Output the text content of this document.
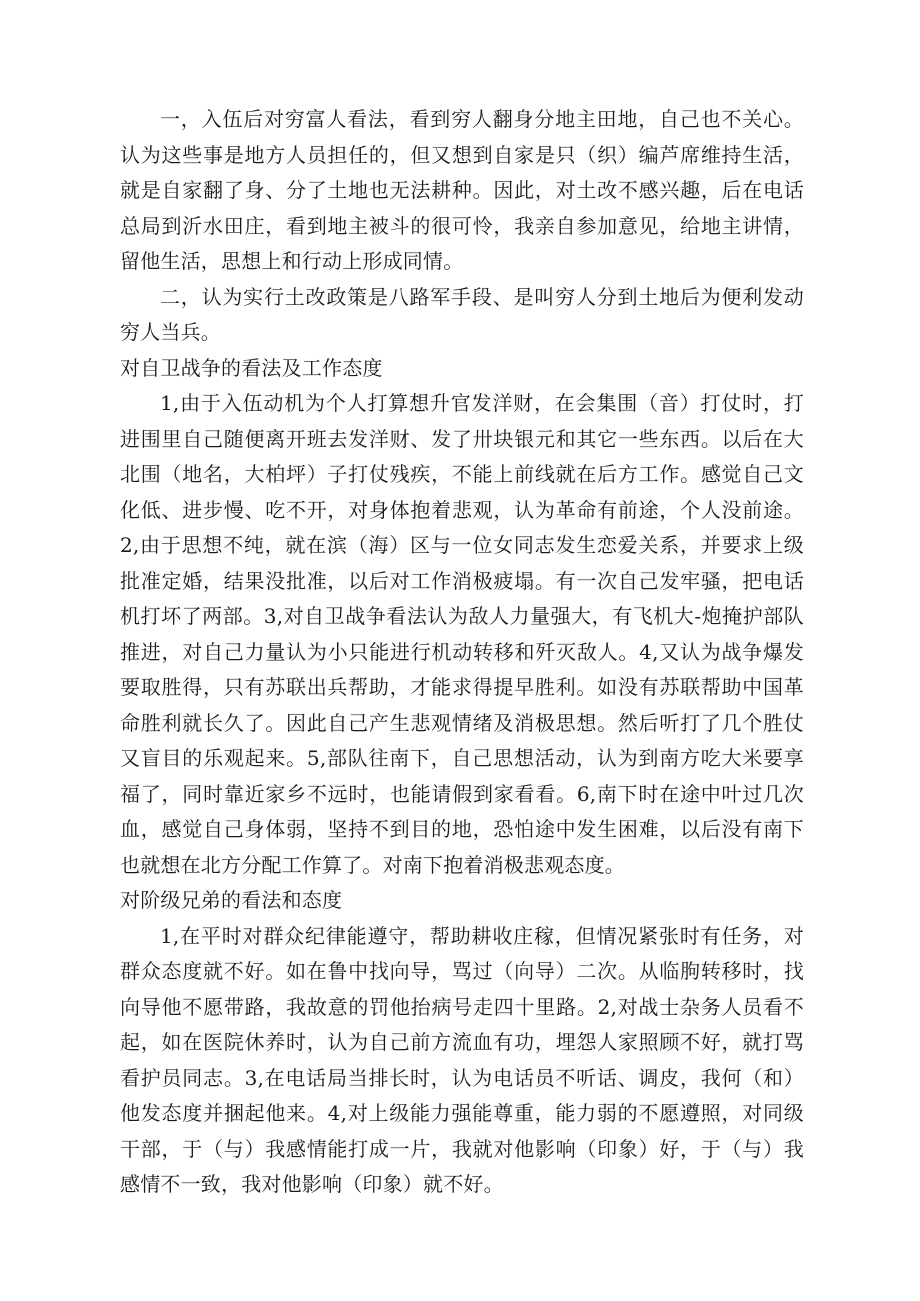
一，入伍后对穷富人看法，看到穷人翻身分地主田地，自己也不关心。认为这些事是地方人员担任的，但又想到自家是只（织）编芦席维持生活，就是自家翻了身、分了土地也无法耕种。因此，对土改不感兴趣，后在电话总局到沂水田庄，看到地主被斗的很可怜，我亲自参加意见，给地主讲情，留他生活，思想上和行动上形成同情。

二，认为实行土改政策是八路军手段、是叫穷人分到土地后为便利发动穷人当兵。

对自卫战争的看法及工作态度

1,由于入伍动机为个人打算想升官发洋财，在会集围（音）打仗时，打进围里自己随便离开班去发洋财、发了卅块银元和其它一些东西。以后在大北围（地名，大柏坪）子打仗残疾，不能上前线就在后方工作。感觉自己文化低、进步慢、吃不开，对身体抱着悲观，认为革命有前途，个人没前途。2,由于思想不纯，就在滨（海）区与一位女同志发生恋爱关系，并要求上级批准定婚，结果没批准，以后对工作消极疲塌。有一次自己发牢骚，把电话机打坏了两部。3,对自卫战争看法认为敌人力量强大，有飞机大-炮掩护部队推进，对自己力量认为小只能进行机动转移和歼灭敌人。4,又认为战争爆发要取胜得，只有苏联出兵帮助，才能求得提早胜利。如没有苏联帮助中国革命胜利就长久了。因此自己产生悲观情绪及消极思想。然后听打了几个胜仗又盲目的乐观起来。5,部队往南下，自己思想活动，认为到南方吃大米要享福了，同时靠近家乡不远时，也能请假到家看看。6,南下时在途中叶过几次血，感觉自己身体弱，坚持不到目的地，恐怕途中发生困难，以后没有南下也就想在北方分配工作算了。对南下抱着消极悲观态度。

对阶级兄弟的看法和态度

1,在平时对群众纪律能遵守，帮助耕收庄稼，但情况紧张时有任务，对群众态度就不好。如在鲁中找向导，骂过（向导）二次。从临朐转移时，找向导他不愿带路，我故意的罚他抬病号走四十里路。2,对战士杂务人员看不起，如在医院休养时，认为自己前方流血有功，埋怨人家照顾不好，就打骂看护员同志。3,在电话局当排长时，认为电话员不听话、调皮，我何（和）他发态度并捆起他来。4,对上级能力强能尊重，能力弱的不愿遵照，对同级干部，于（与）我感情能打成一片，我就对他影响（印象）好，于（与）我感情不一致，我对他影响（印象）就不好。
